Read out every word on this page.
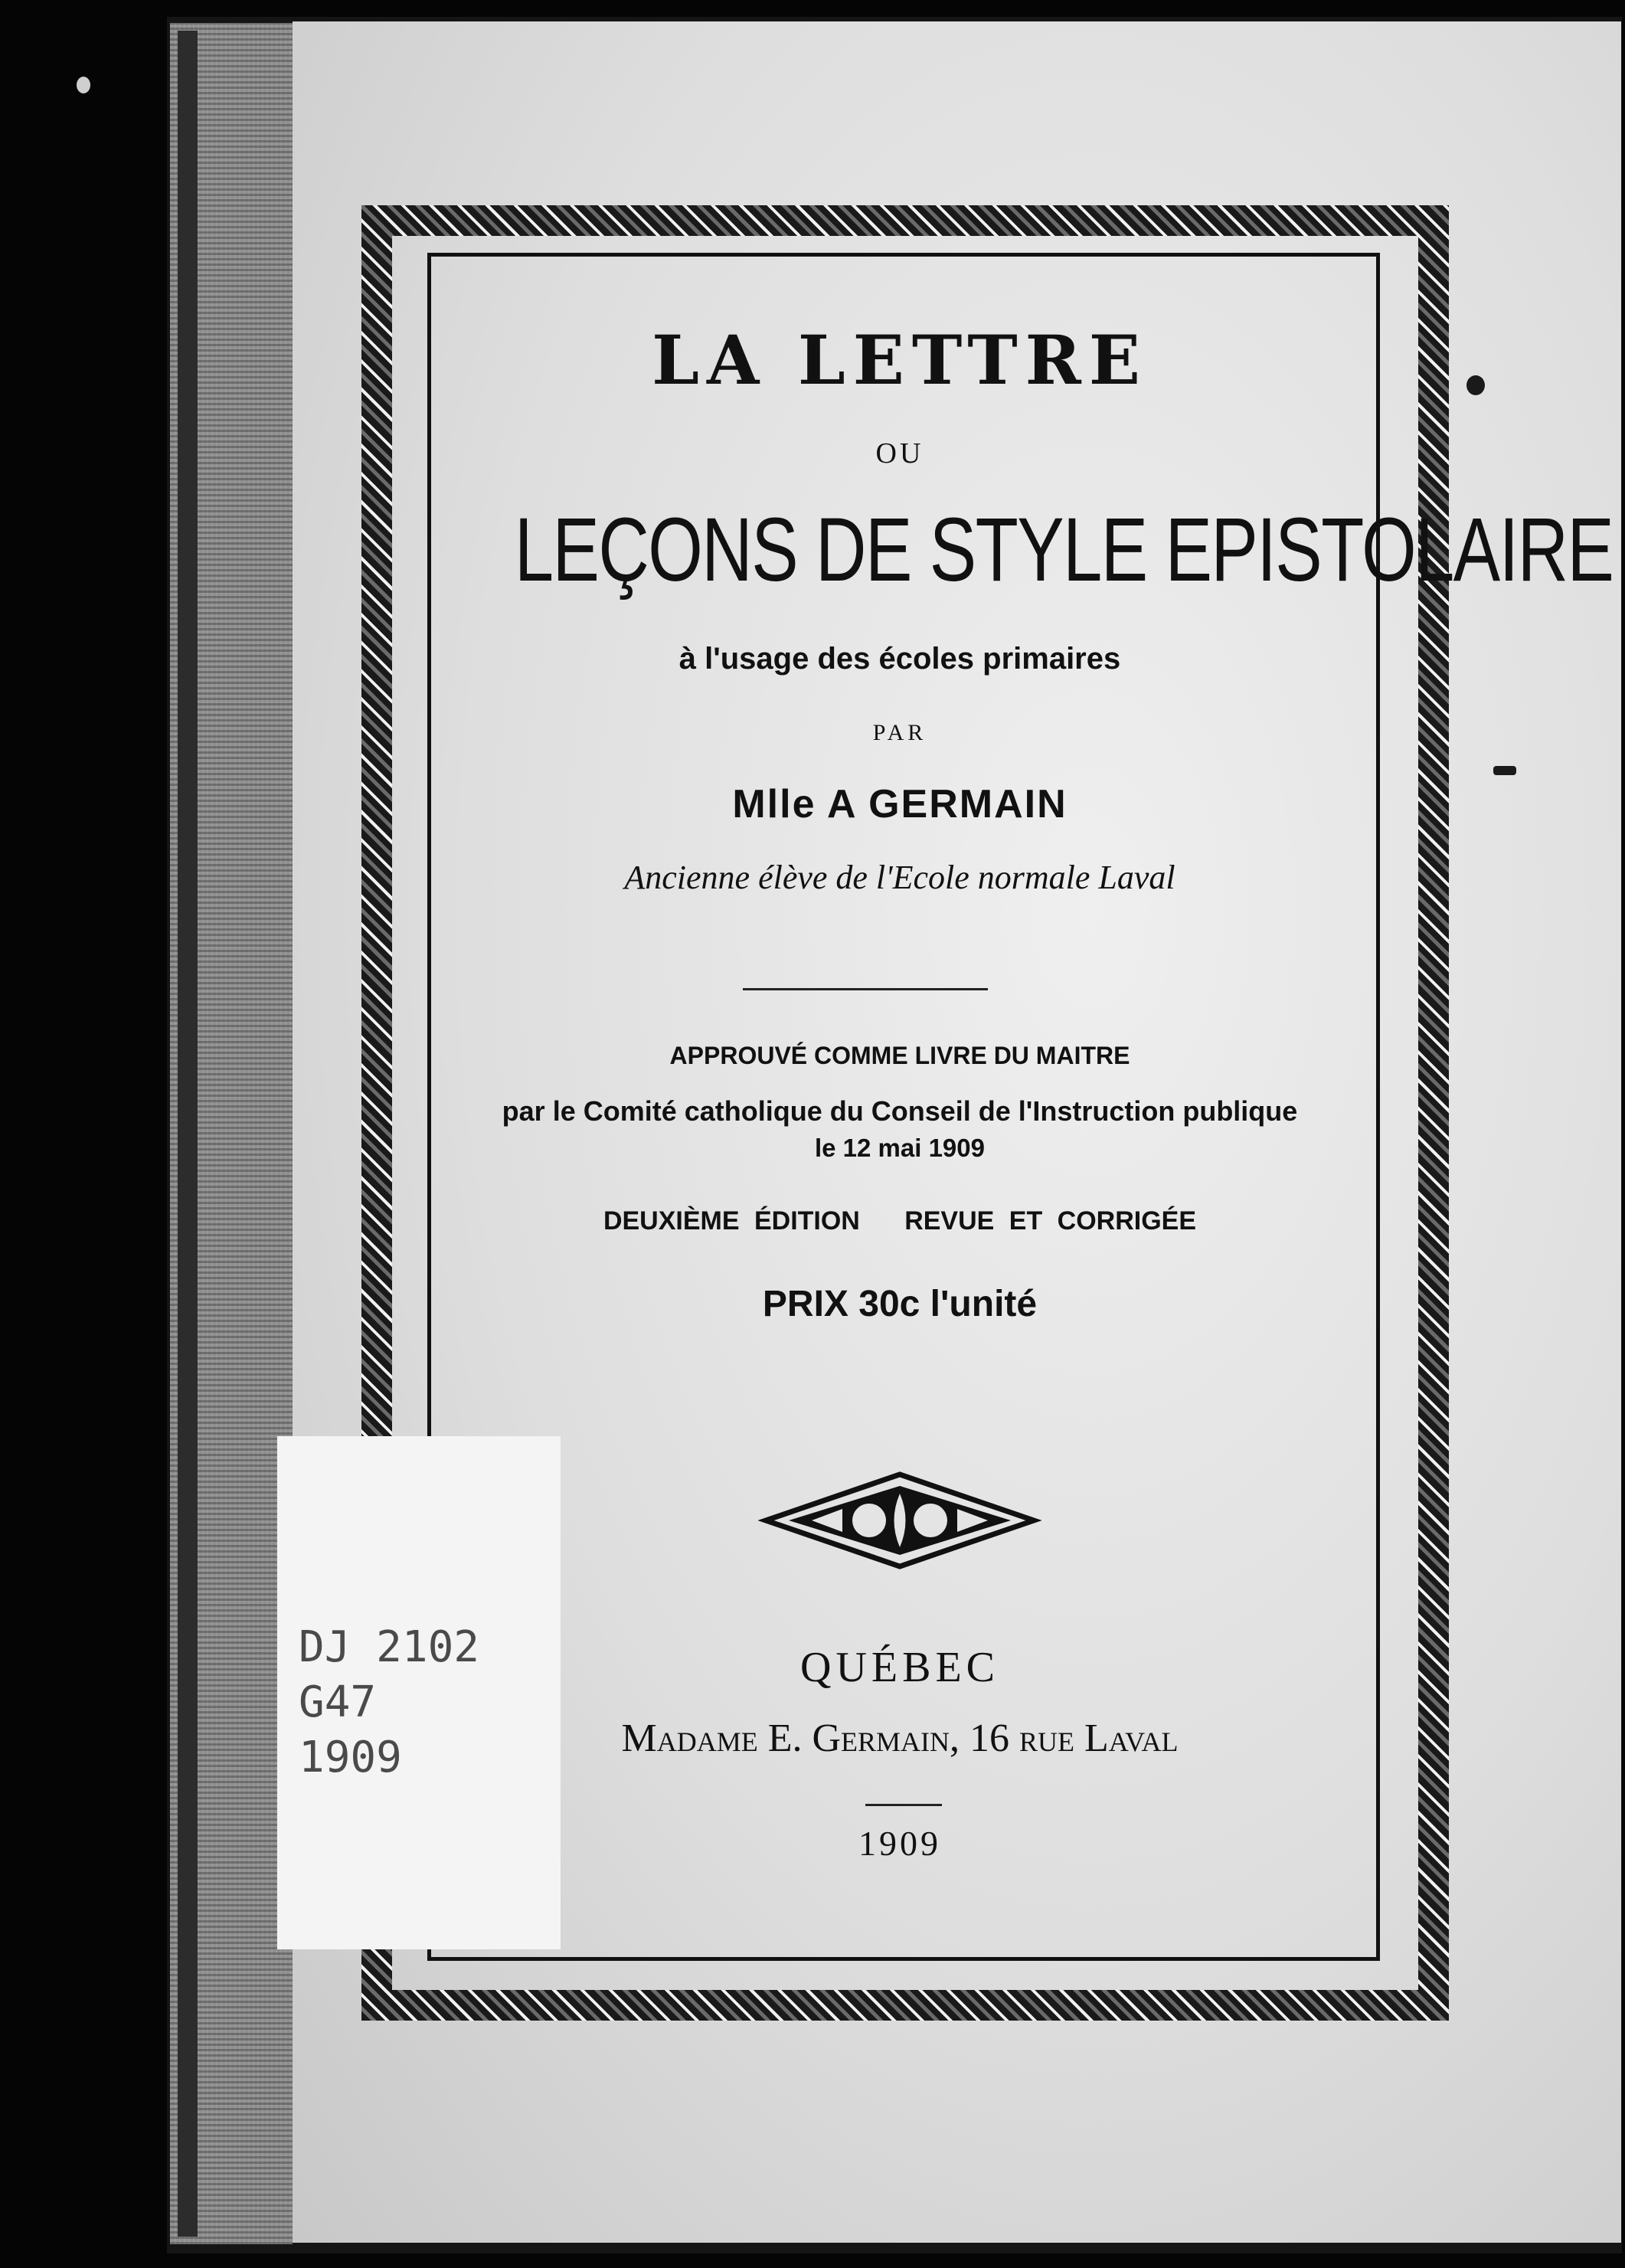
LA LETTRE
OU
LEÇONS DE STYLE EPISTOLAIRE
à l'usage des écoles primaires
PAR
Mlle A GERMAIN
Ancienne élève de l'Ecole normale Laval
APPROUVÉ COMME LIVRE DU MAITRE
par le Comité catholique du Conseil de l'Instruction publique
le 12 mai 1909
DEUXIÈME ÉDITION   REVUE ET CORRIGÉE
PRIX 30c l'unité
QUÉBEC
Madame E. Germain, 16 rue Laval
1909
DJ 2102
G47
1909
